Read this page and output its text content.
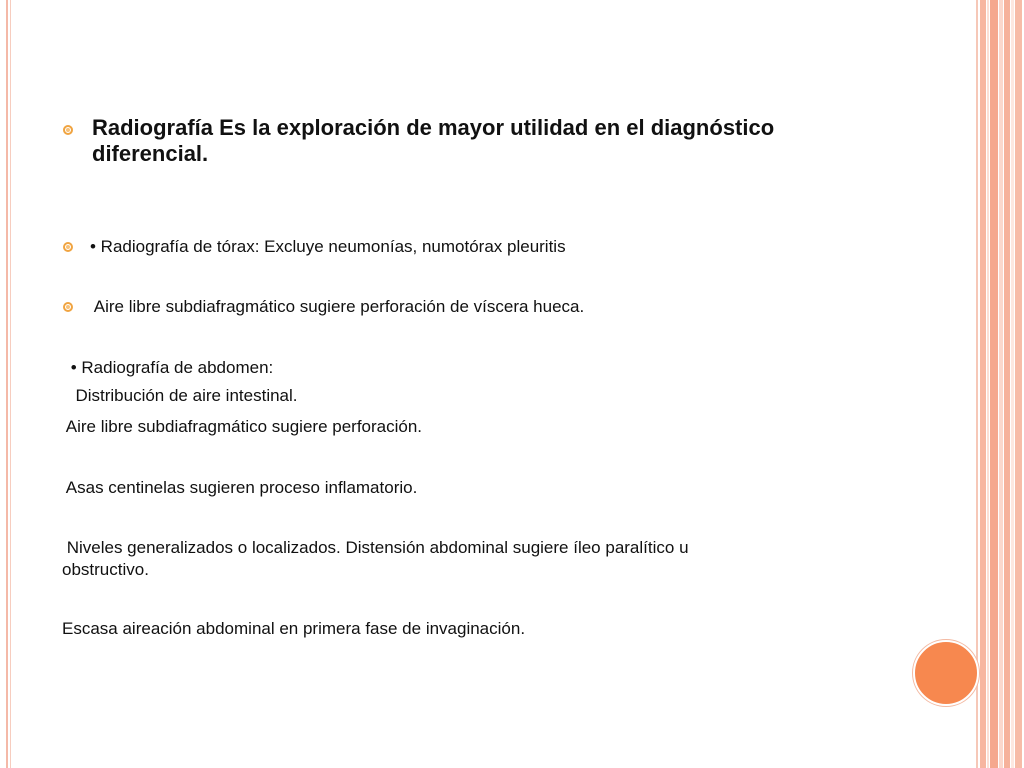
Radiografía Es la exploración de mayor utilidad en el diagnóstico diferencial.
• Radiografía de tórax: Excluye neumonías, numotórax pleuritis
Aire libre subdiafragmático sugiere perforación de víscera hueca.
• Radiografía de abdomen:
Distribución de aire intestinal.
Aire libre subdiafragmático sugiere perforación.
Asas centinelas sugieren proceso inflamatorio.
Niveles generalizados o localizados. Distensión abdominal sugiere íleo paralítico u
obstructivo.
Escasa aireación abdominal en primera fase de invaginación.
